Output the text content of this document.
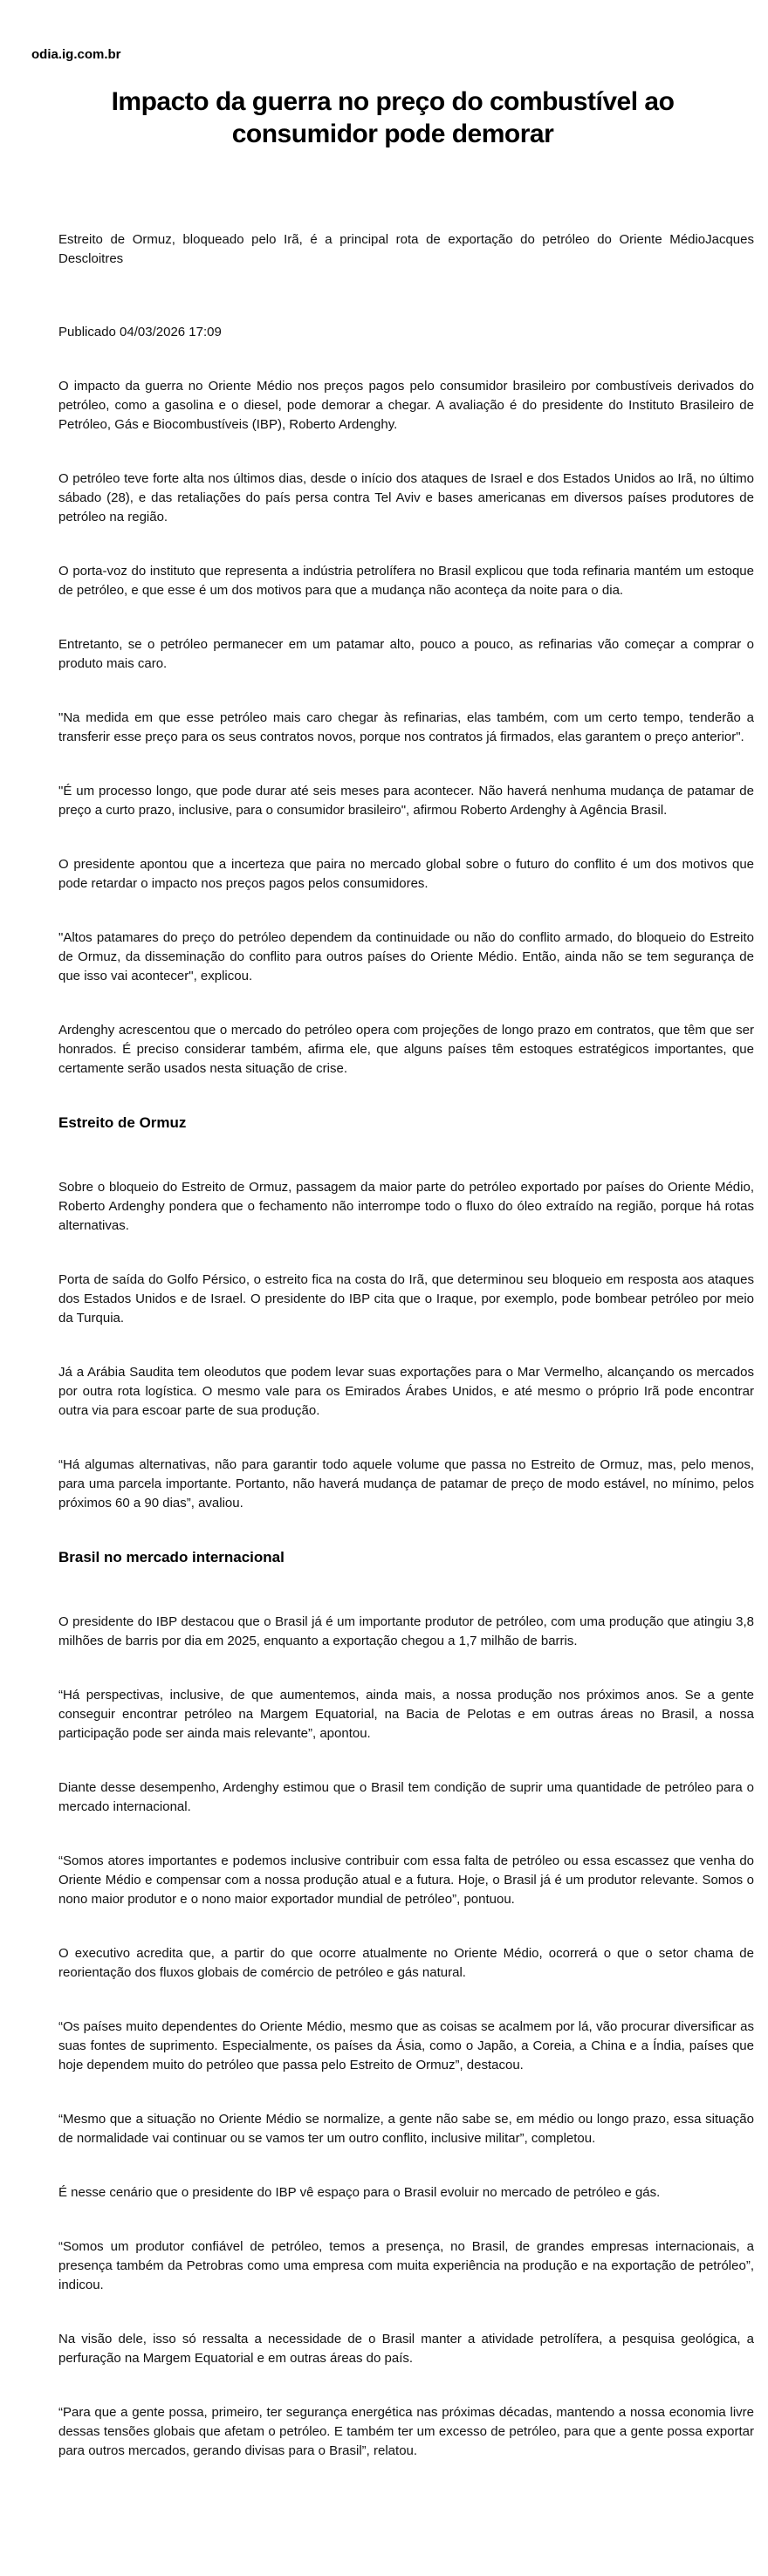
odia.ig.com.br
Impacto da guerra no preço do combustível ao consumidor pode demorar

Estreito de Ormuz, bloqueado pelo Irã, é a principal rota de exportação do petróleo do Oriente MédioJacques Descloitres

Publicado 04/03/2026 17:09

O impacto da guerra no Oriente Médio nos preços pagos pelo consumidor brasileiro por combustíveis derivados do petróleo, como a gasolina e o diesel, pode demorar a chegar. A avaliação é do presidente do Instituto Brasileiro de Petróleo, Gás e Biocombustíveis (IBP), Roberto Ardenghy.

O petróleo teve forte alta nos últimos dias, desde o início dos ataques de Israel e dos Estados Unidos ao Irã, no último sábado (28), e das retaliações do país persa contra Tel Aviv e bases americanas em diversos países produtores de petróleo na região.

O porta-voz do instituto que representa a indústria petrolífera no Brasil explicou que toda refinaria mantém um estoque de petróleo, e que esse é um dos motivos para que a mudança não aconteça da noite para o dia.

Entretanto, se o petróleo permanecer em um patamar alto, pouco a pouco, as refinarias vão começar a comprar o produto mais caro.

"Na medida em que esse petróleo mais caro chegar às refinarias, elas também, com um certo tempo, tenderão a transferir esse preço para os seus contratos novos, porque nos contratos já firmados, elas garantem o preço anterior".

"É um processo longo, que pode durar até seis meses para acontecer. Não haverá nenhuma mudança de patamar de preço a curto prazo, inclusive, para o consumidor brasileiro", afirmou Roberto Ardenghy à Agência Brasil.

O presidente apontou que a incerteza que paira no mercado global sobre o futuro do conflito é um dos motivos que pode retardar o impacto nos preços pagos pelos consumidores.

"Altos patamares do preço do petróleo dependem da continuidade ou não do conflito armado, do bloqueio do Estreito de Ormuz, da disseminação do conflito para outros países do Oriente Médio. Então, ainda não se tem segurança de que isso vai acontecer", explicou.

Ardenghy acrescentou que o mercado do petróleo opera com projeções de longo prazo em contratos, que têm que ser honrados. É preciso considerar também, afirma ele, que alguns países têm estoques estratégicos importantes, que certamente serão usados nesta situação de crise.

Estreito de Ormuz

Sobre o bloqueio do Estreito de Ormuz, passagem da maior parte do petróleo exportado por países do Oriente Médio, Roberto Ardenghy pondera que o fechamento não interrompe todo o fluxo do óleo extraído na região, porque há rotas alternativas.

Porta de saída do Golfo Pérsico, o estreito fica na costa do Irã, que determinou seu bloqueio em resposta aos ataques dos Estados Unidos e de Israel. O presidente do IBP cita que o Iraque, por exemplo, pode bombear petróleo por meio da Turquia.

Já a Arábia Saudita tem oleodutos que podem levar suas exportações para o Mar Vermelho, alcançando os mercados por outra rota logística. O mesmo vale para os Emirados Árabes Unidos, e até mesmo o próprio Irã pode encontrar outra via para escoar parte de sua produção.

“Há algumas alternativas, não para garantir todo aquele volume que passa no Estreito de Ormuz, mas, pelo menos, para uma parcela importante. Portanto, não haverá mudança de patamar de preço de modo estável, no mínimo, pelos próximos 60 a 90 dias”, avaliou.

Brasil no mercado internacional

O presidente do IBP destacou que o Brasil já é um importante produtor de petróleo, com uma produção que atingiu 3,8 milhões de barris por dia em 2025, enquanto a exportação chegou a 1,7 milhão de barris.

“Há perspectivas, inclusive, de que aumentemos, ainda mais, a nossa produção nos próximos anos. Se a gente conseguir encontrar petróleo na Margem Equatorial, na Bacia de Pelotas e em outras áreas no Brasil, a nossa participação pode ser ainda mais relevante”, apontou.

Diante desse desempenho, Ardenghy estimou que o Brasil tem condição de suprir uma quantidade de petróleo para o mercado internacional.

“Somos atores importantes e podemos inclusive contribuir com essa falta de petróleo ou essa escassez que venha do Oriente Médio e compensar com a nossa produção atual e a futura. Hoje, o Brasil já é um produtor relevante. Somos o nono maior produtor e o nono maior exportador mundial de petróleo”, pontuou.

O executivo acredita que, a partir do que ocorre atualmente no Oriente Médio, ocorrerá o que o setor chama de reorientação dos fluxos globais de comércio de petróleo e gás natural.

“Os países muito dependentes do Oriente Médio, mesmo que as coisas se acalmem por lá, vão procurar diversificar as suas fontes de suprimento. Especialmente, os países da Ásia, como o Japão, a Coreia, a China e a Índia, países que hoje dependem muito do petróleo que passa pelo Estreito de Ormuz”, destacou.

“Mesmo que a situação no Oriente Médio se normalize, a gente não sabe se, em médio ou longo prazo, essa situação de normalidade vai continuar ou se vamos ter um outro conflito, inclusive militar”, completou.

É nesse cenário que o presidente do IBP vê espaço para o Brasil evoluir no mercado de petróleo e gás.

“Somos um produtor confiável de petróleo, temos a presença, no Brasil, de grandes empresas internacionais, a presença também da Petrobras como uma empresa com muita experiência na produção e na exportação de petróleo”, indicou.

Na visão dele, isso só ressalta a necessidade de o Brasil manter a atividade petrolífera, a pesquisa geológica, a perfuração na Margem Equatorial e em outras áreas do país.

“Para que a gente possa, primeiro, ter segurança energética nas próximas décadas, mantendo a nossa economia livre dessas tensões globais que afetam o petróleo. E também ter um excesso de petróleo, para que a gente possa exportar para outros mercados, gerando divisas para o Brasil”, relatou.
